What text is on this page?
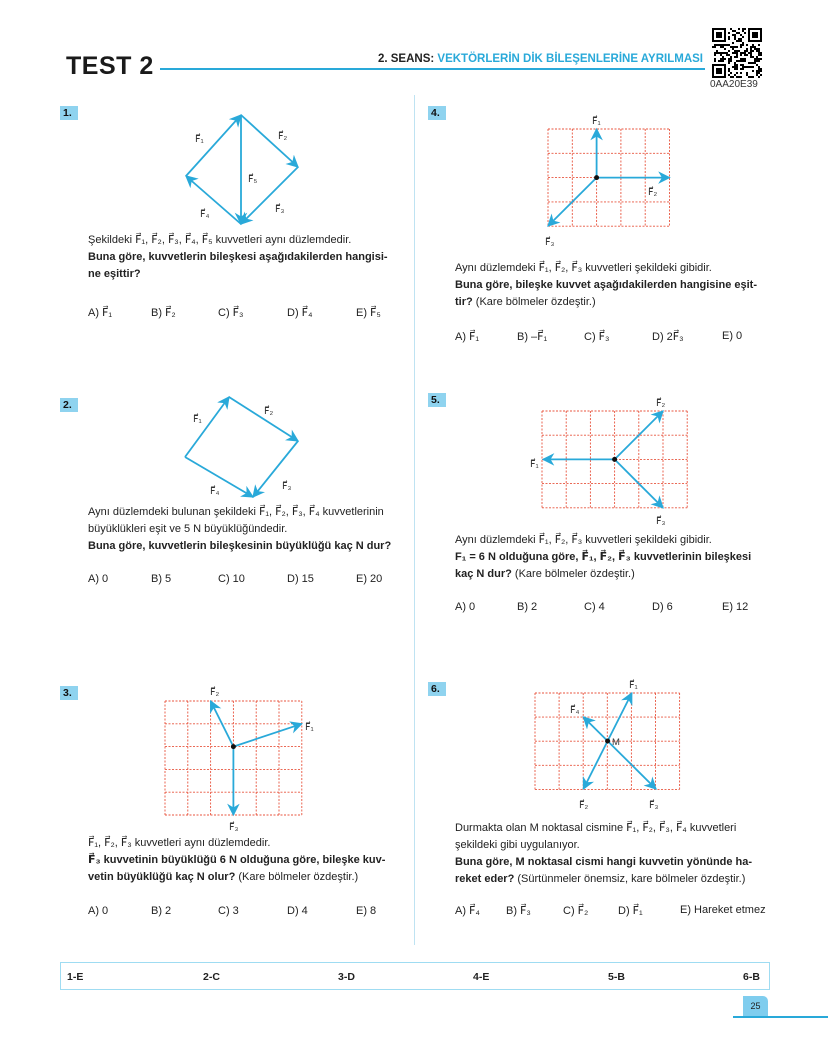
TEST 2	2. SEANS: VEKTÖRLERİN DİK BİLEŞENLERİNE AYRILMASI
0AA20E39
1.
Şekildeki F⃗₁, F⃗₂, F⃗₃, F⃗₄, F⃗₅ kuvvetleri aynı düzlemdedir.
Buna göre, kuvvetlerin bileşkesi aşağıdakilerden hangisi-
ne eşittir?
A) F⃗₁	B) F⃗₂	C) F⃗₃	D) F⃗₄	E) F⃗₅
2.
Aynı düzlemdeki bulunan şekildeki F⃗₁, F⃗₂, F⃗₃, F⃗₄ kuvvetlerinin
büyüklükleri eşit ve 5 N büyüklüğündedir.
Buna göre, kuvvetlerin bileşkesinin büyüklüğü kaç N dur?
A) 0	B) 5	C) 10	D) 15	E) 20
3.
F⃗₁, F⃗₂, F⃗₃ kuvvetleri aynı düzlemdedir.
F⃗₃ kuvvetinin büyüklüğü 6 N olduğuna göre, bileşke kuv-
vetin büyüklüğü kaç N olur? (Kare bölmeler özdeştir.)
A) 0	B) 2	C) 3	D) 4	E) 8
4.
Aynı düzlemdeki F⃗₁, F⃗₂, F⃗₃ kuvvetleri şekildeki gibidir.
Buna göre, bileşke kuvvet aşağıdakilerden hangisine eşit-
tir? (Kare bölmeler özdeştir.)
A) F⃗₁	B) –F⃗₁	C) F⃗₃	D) 2F⃗₃	E) 0
5.
Aynı düzlemdeki F⃗₁, F⃗₂, F⃗₃ kuvvetleri şekildeki gibidir.
F₁ = 6 N olduğuna göre, F⃗₁, F⃗₂, F⃗₃ kuvvetlerinin bileşkesi
kaç N dur? (Kare bölmeler özdeştir.)
A) 0	B) 2	C) 4	D) 6	E) 12
6.
Durmakta olan M noktasal cismine F⃗₁, F⃗₂, F⃗₃, F⃗₄ kuvvetleri
şekildeki gibi uygulanıyor.
Buna göre, M noktasal cismi hangi kuvvetin yönünde ha-
reket eder? (Sürtünmeler önemsiz, kare bölmeler özdeştir.)
A) F⃗₄ B) F⃗₃	C) F⃗₂	D) F⃗₁	E) Hareket etmez
F⃗₁	F⃗₂
F⃗₃
F⃗₄
F⃗₅
F⃗₁
F⃗₂
F⃗₃
F⃗₄
F⃗₁
F⃗₂
F⃗₃
F⃗₁
F⃗₂
F⃗₃
F⃗₁
F⃗₂
F⃗₃
F⃗₁
F⃗₂	F⃗₃
F⃗₄
M
1-E	2-C	3-D	4-E	5-B	6-B
25
